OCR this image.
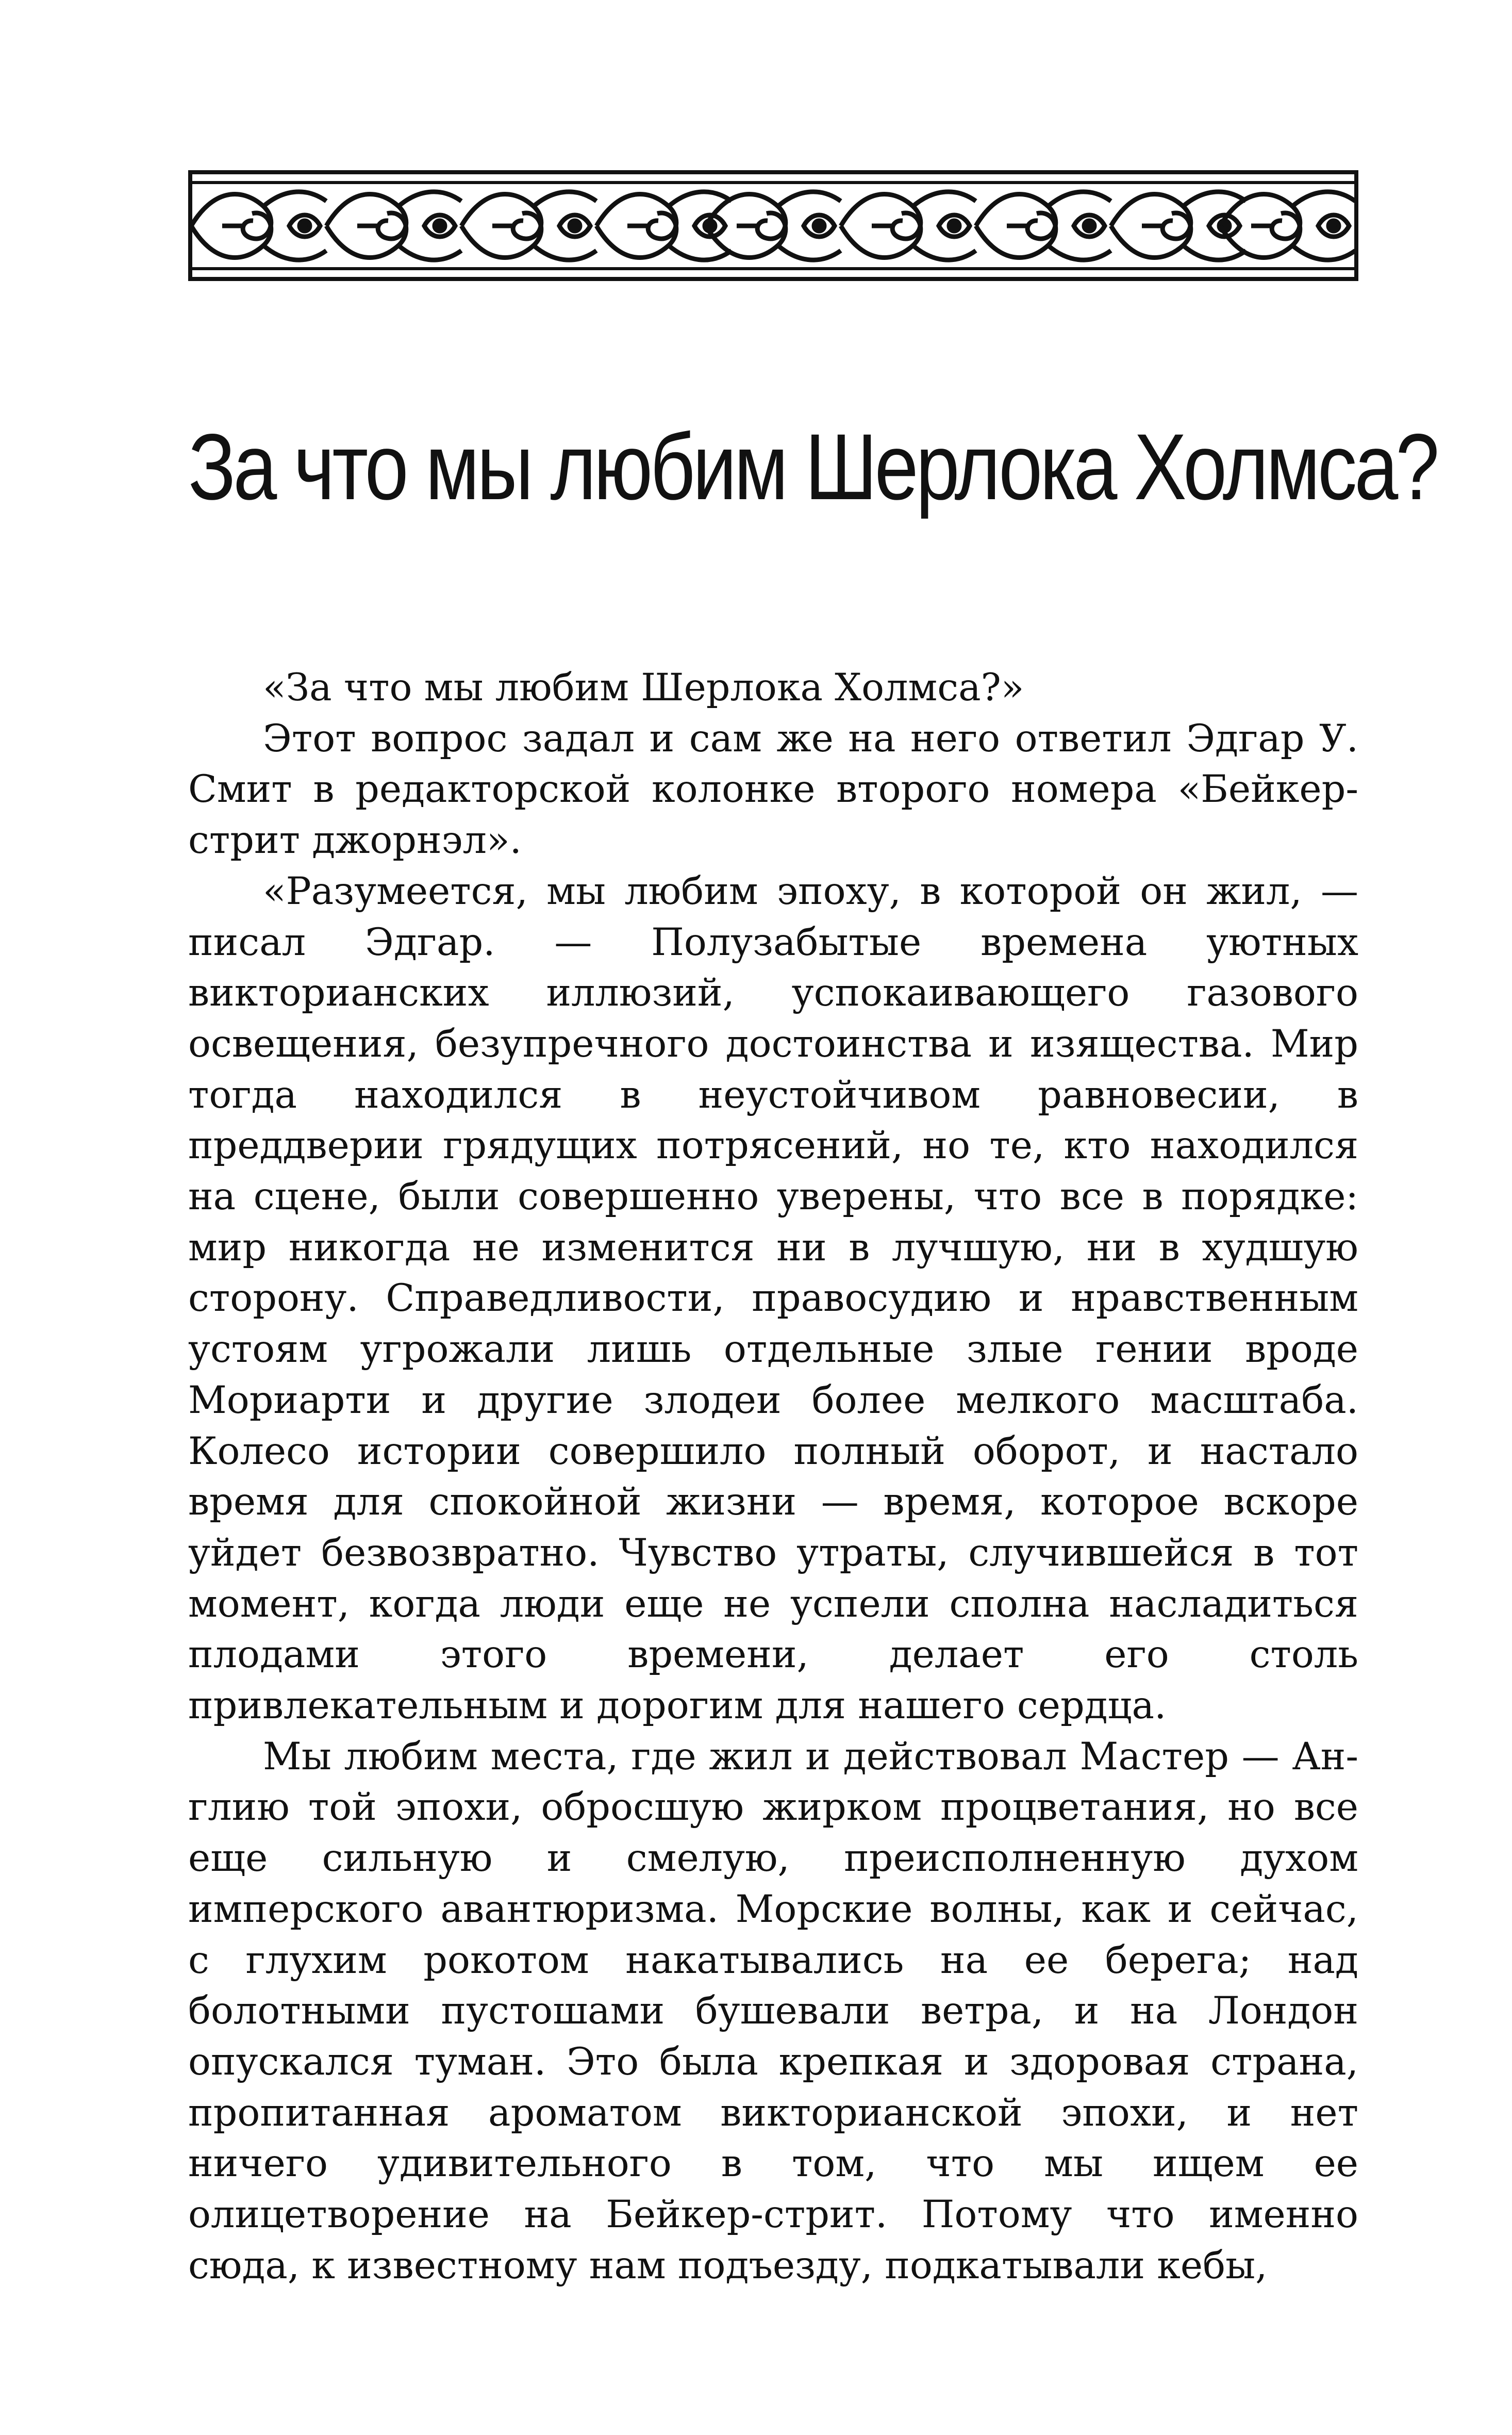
За что мы любим Шерлока Холмса?

«За что мы любим Шерлока Холмса?»

Этот вопрос задал и сам же на него ответил Эдгар У. Смит в редакторской колонке второго номера «Бейкерстрит джорнэл».

«Разумеется, мы любим эпоху, в которой он жил, — писал Эдгар. — Полузабытые времена уютных викторианских иллюзий, успокаивающего газового освещения, безупречного достоинства и изящества. Мир тогда находился в неустойчивом равновесии, в преддверии грядущих потрясений, но те, кто находился на сцене, были совершенно уверены, что все в порядке: мир никогда не изменится ни в лучшую, ни в худшую сторону. Справедливости, правосудию и нравственным устоям угрожали лишь отдельные злые гении вроде Мориарти и другие злодеи более мелкого масштаба. Колесо истории совершило полный оборот, и настало время для спокойной жизни — время, которое вскоре уйдет безвозвратно. Чувство утраты, случившейся в тот момент, когда люди еще не успели сполна насладиться плодами этого времени, делает его столь привлекательным и дорогим для нашего сердца.

Мы любим места, где жил и действовал Мастер — Англию той эпохи, обросшую жирком процветания, но все еще сильную и смелую, преисполненную духом имперского авантюризма. Морские волны, как и сейчас, с глухим рокотом накатывались на ее берега; над болотными пустошами бушевали ветра, и на Лондон опускался туман. Это была крепкая и здоровая страна, пропитанная ароматом викторианской эпохи, и нет ничего удивительного в том, что мы ищем ее олицетворение на Бейкер-стрит. Потому что именно сюда, к известному нам подъезду, подкатывали кебы,
